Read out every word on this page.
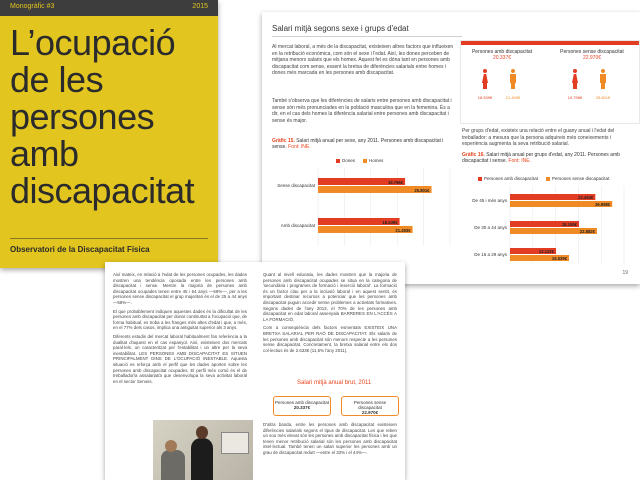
Monogràfic #3	2015
L’ocupació
de les
persones
amb
discapacitat
Observatori de la Discapacitat Física
Salari mitjà segons sexe i grups d'edat

Al mercat laboral, a més de la discapacitat, existeixen altres factors que influeixen en la retribució econòmica, com són el sexe i l'edat. Així, les dones perceben de mitjana menors salaris que els homes. Aquest fet es dóna tant en persones amb discapacitat com sense, essent la bretxa de diferències salarials entre homes i dones més marcada en les persones amb discapacitat.

També s'observa que les diferències de salaris entre persones amb discapacitat i sense són més pronunciades en la població masculina que en la femenina. És a dir, en el cas dels homes la diferència salarial entre persones amb discapacitat i sense és major.

Gràfic 15. Salari mitjà anual per sexe, any 2011. Persones amb discapacitat i sense. Font: INE.

Dones	Homes
Sense discapacitat
19.796€
25.801€
Amb discapacitat
18.539€
21.493€
Persones amb discapacitat
20.337€
Persones sense discapacitat
22.970€
18.539€	21.493€	19.796€	25.801€

Per grups d'edat, existeix una relació entre el guany anual i l'edat del treballador: a mesura que la persona adquireix més coneixements i experiència augmenta la seva retribució salarial.

Gràfic 16. Salari mitjà anual per grups d'edat, any 2011. Persones amb discapacitat i sense. Font: INE.

Persones amb discapacitat	Persones sense discapacitat
De 45 i més anys
22.453€
26.898€
De 30 a 44 anys
18.155€
22.882€
De 16 a 29 anys
12.122€
15.539€
19

Així mateix, en relació a l'edat de les persones ocupades, les dades mostren una tendència oposada entre les persones amb discapacitat i sense. Mentre la majoria de persones amb discapacitat ocupades tenen entre 45 i 64 anys —58%—, per a les persones sense discapacitat el grup majoritari és el de 25 a 44 anys —58%—.

El que probablement indiquen aquestes dades és la dificultat de les persones amb discapacitat per donar continuïtat a l'ocupació que, de forma habitual, es troba a les franges més altes d'edat i que, a més, en el 77% dels casos, implica una antiguitat superior als 3 anys.

Diferents estudis del mercat laboral habitualment fan referència a la dualitat d'aquest en el cas espanyol. Així, existeixen dos mercats paral·lels, un caracteritzat per l'estabilitat i un altre per la seva inestabilitat. LES PERSONES AMB DISCAPACITAT ES SITUEN PRINCIPALMENT DINS DE L'OCUPACIÓ INESTABLE. Aquesta situació es reforça amb el perfil que les dades aporten sobre les persones amb discapacitat ocupades. El perfil més comú és el de treballador/a assalariat/a que desenvolupa la seva activitat laboral en el sector Serveis.

Quant al nivell educatiu, les dades mostren que la majoria de persones amb discapacitat ocupades se situa en la categoria de 'secundària i programes de formació i inserció laboral'. La formació és un factor clau per a la inclusió laboral i en aquest sentit, és important destinar recursos a potenciar que les persones amb discapacitat puguin accedir sense problemes a activitats formatives. Segons dades de l'any 2013, el 70% de les persones amb discapacitat en edat laboral assenyala BARRERES EN L'ACCÉS A LA FORMACIÓ.

Com a conseqüència dels factors esmentats EXISTEIX UNA BRETXA SALARIAL PER RAÓ DE DISCAPACITAT. Els salaris de les persones amb discapacitat són menors respecte a les persones sense discapacitat. Concretament, la bretxa salarial entre els dos col·lectius és de 2.633€ (11,5% l'any 2011).

Salari mitjà anual brut, 2011
Persones amb discapacitat
20.337€
Persones sense discapacitat
22.970€

D'altra banda, entre les persones amb discapacitat existeixen diferències salarials segons el tipus de discapacitat. Les que reben un sou més elevat són les persones amb discapacitat física i les que tenen menor retribució salarial són les persones amb discapacitat intel·lectual. També tenen un salari superior les persones amb un grau de discapacitat reduït —entre el 33% i el 44%—.
